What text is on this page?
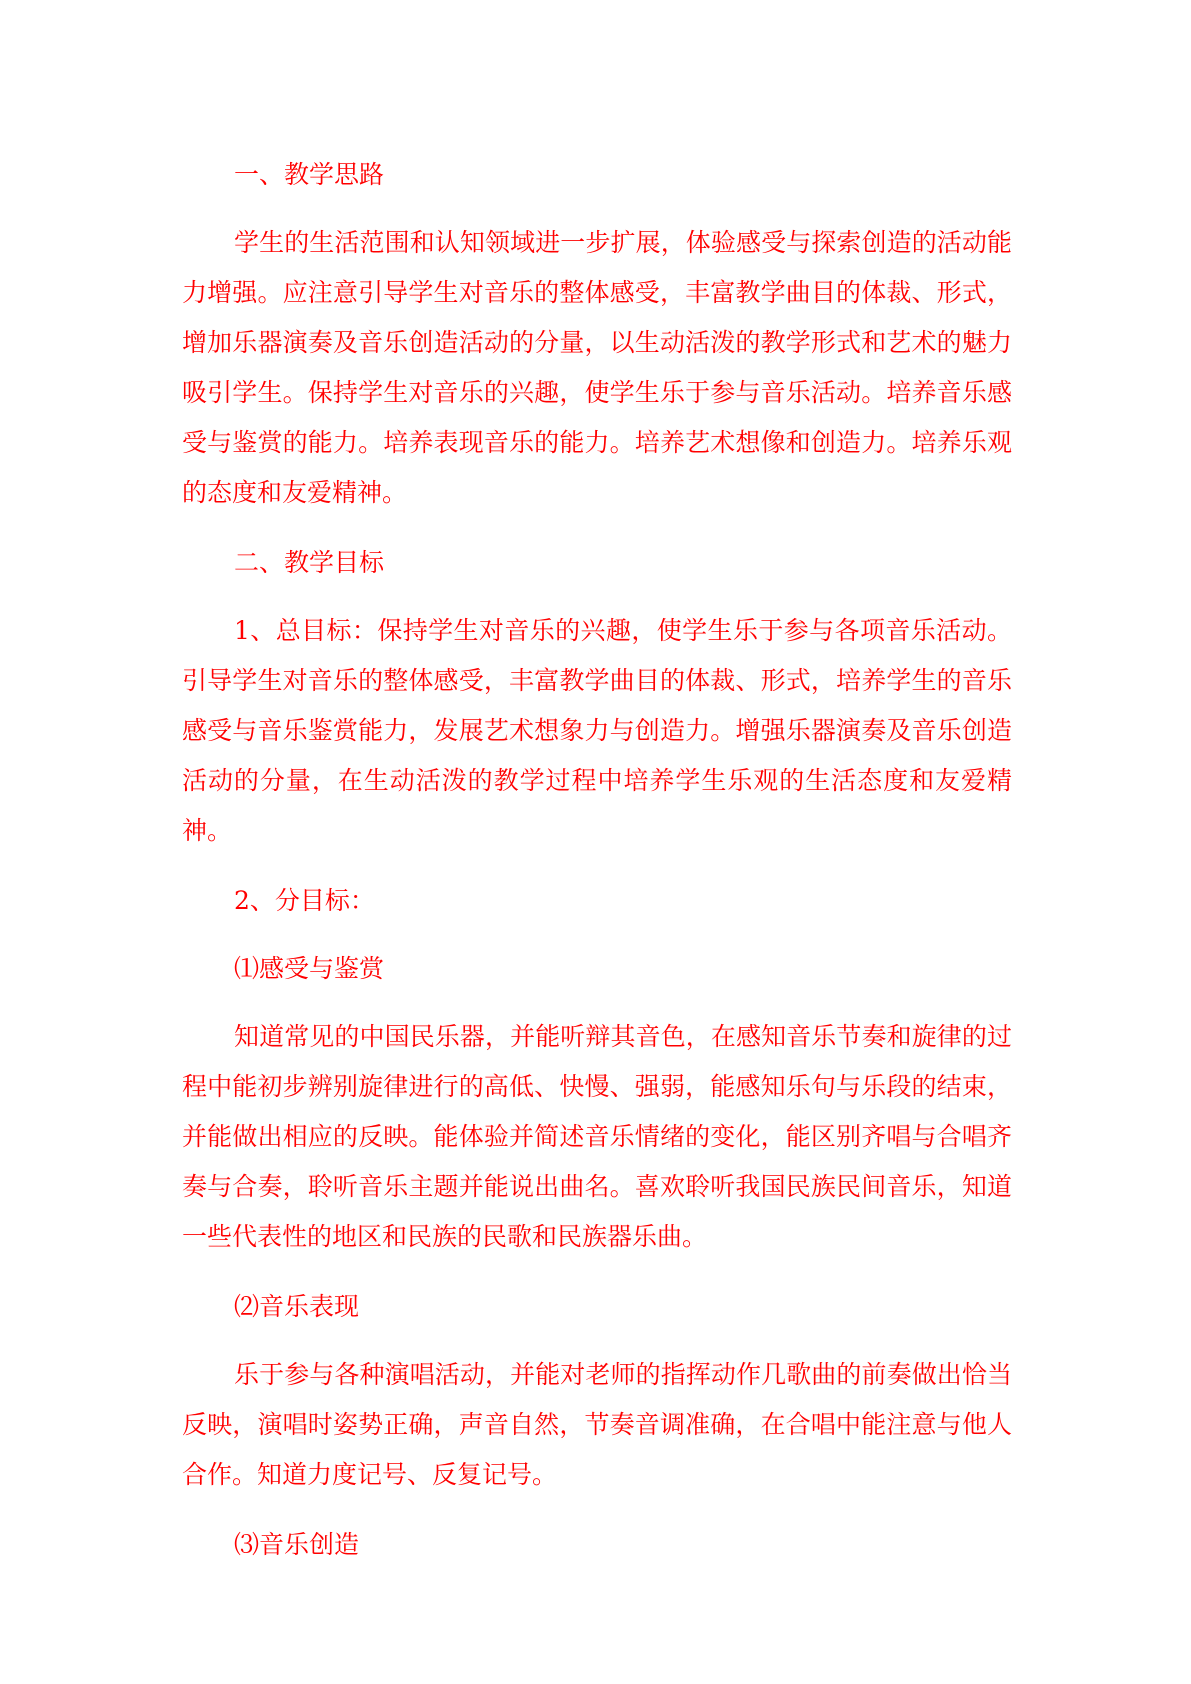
一、教学思路

学生的生活范围和认知领域进一步扩展，体验感受与探索创造的活动能力增强。应注意引导学生对音乐的整体感受，丰富教学曲目的体裁、形式，增加乐器演奏及音乐创造活动的分量，以生动活泼的教学形式和艺术的魅力吸引学生。保持学生对音乐的兴趣，使学生乐于参与音乐活动。培养音乐感受与鉴赏的能力。培养表现音乐的能力。培养艺术想像和创造力。培养乐观的态度和友爱精神。

二、教学目标

1、总目标：保持学生对音乐的兴趣，使学生乐于参与各项音乐活动。引导学生对音乐的整体感受，丰富教学曲目的体裁、形式，培养学生的音乐感受与音乐鉴赏能力，发展艺术想象力与创造力。增强乐器演奏及音乐创造活动的分量，在生动活泼的教学过程中培养学生乐观的生活态度和友爱精神。

2、分目标：

⑴感受与鉴赏

知道常见的中国民乐器，并能听辩其音色，在感知音乐节奏和旋律的过程中能初步辨别旋律进行的高低、快慢、强弱，能感知乐句与乐段的结束，并能做出相应的反映。能体验并简述音乐情绪的变化，能区别齐唱与合唱齐奏与合奏，聆听音乐主题并能说出曲名。喜欢聆听我国民族民间音乐，知道一些代表性的地区和民族的民歌和民族器乐曲。

⑵音乐表现

乐于参与各种演唱活动，并能对老师的指挥动作几歌曲的前奏做出恰当反映，演唱时姿势正确，声音自然，节奏音调准确，在合唱中能注意与他人合作。知道力度记号、反复记号。

⑶音乐创造
